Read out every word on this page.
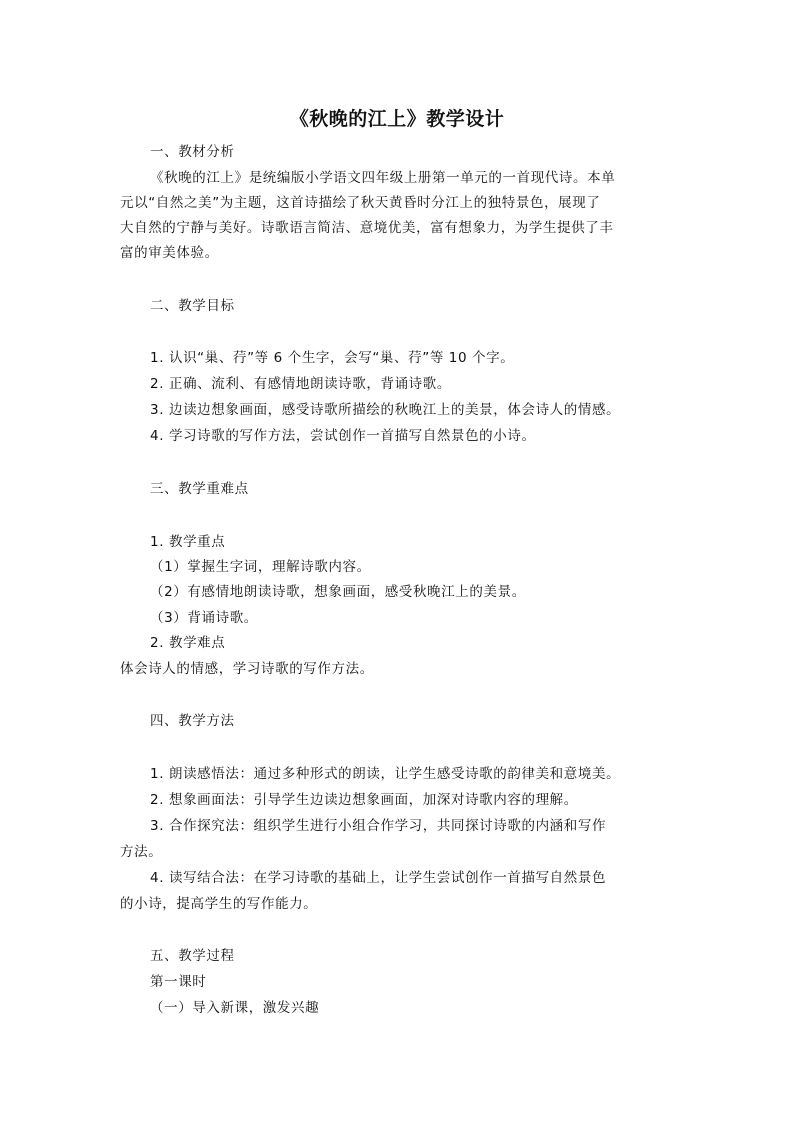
《秋晚的江上》教学设计
一、教材分析
《秋晚的江上》是统编版小学语文四年级上册第一单元的一首现代诗。本单
元以“自然之美”为主题，这首诗描绘了秋天黄昏时分江上的独特景色，展现了
大自然的宁静与美好。诗歌语言简洁、意境优美，富有想象力，为学生提供了丰
富的审美体验。
二、教学目标
1. 认识“巢、荇”等 6 个生字，会写“巢、荇”等 10 个字。
2. 正确、流利、有感情地朗读诗歌，背诵诗歌。
3. 边读边想象画面，感受诗歌所描绘的秋晚江上的美景，体会诗人的情感。
4. 学习诗歌的写作方法，尝试创作一首描写自然景色的小诗。
三、教学重难点
1. 教学重点
（1）掌握生字词，理解诗歌内容。
（2）有感情地朗读诗歌，想象画面，感受秋晚江上的美景。
（3）背诵诗歌。
2. 教学难点
体会诗人的情感，学习诗歌的写作方法。
四、教学方法
1. 朗读感悟法：通过多种形式的朗读，让学生感受诗歌的韵律美和意境美。
2. 想象画面法：引导学生边读边想象画面，加深对诗歌内容的理解。
3. 合作探究法：组织学生进行小组合作学习，共同探讨诗歌的内涵和写作
方法。
4. 读写结合法：在学习诗歌的基础上，让学生尝试创作一首描写自然景色
的小诗，提高学生的写作能力。
五、教学过程
第一课时
（一）导入新课，激发兴趣
